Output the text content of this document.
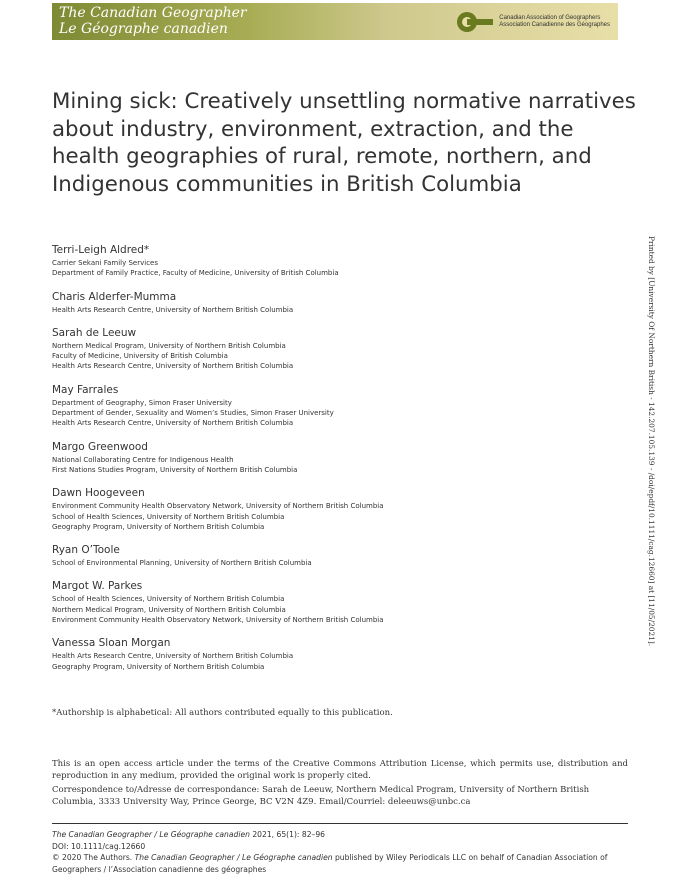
The Canadian Geographer
Le Géographe canadien
Canadian Association of Geographers
Association Canadienne des Géographes
Mining sick: Creatively unsettling normative narratives about industry, environment, extraction, and the health geographies of rural, remote, northern, and Indigenous communities in British Columbia
Terri-Leigh Aldred*
Carrier Sekani Family Services
Department of Family Practice, Faculty of Medicine, University of British Columbia
Charis Alderfer-Mumma
Health Arts Research Centre, University of Northern British Columbia
Sarah de Leeuw
Northern Medical Program, University of Northern British Columbia
Faculty of Medicine, University of British Columbia
Health Arts Research Centre, University of Northern British Columbia
May Farrales
Department of Geography, Simon Fraser University
Department of Gender, Sexuality and Women’s Studies, Simon Fraser University
Health Arts Research Centre, University of Northern British Columbia
Margo Greenwood
National Collaborating Centre for Indigenous Health
First Nations Studies Program, University of Northern British Columbia
Dawn Hoogeveen
Environment Community Health Observatory Network, University of Northern British Columbia
School of Health Sciences, University of Northern British Columbia
Geography Program, University of Northern British Columbia
Ryan O’Toole
School of Environmental Planning, University of Northern British Columbia
Margot W. Parkes
School of Health Sciences, University of Northern British Columbia
Northern Medical Program, University of Northern British Columbia
Environment Community Health Observatory Network, University of Northern British Columbia
Vanessa Sloan Morgan
Health Arts Research Centre, University of Northern British Columbia
Geography Program, University of Northern British Columbia
*Authorship is alphabetical: All authors contributed equally to this publication.
This is an open access article under the terms of the Creative Commons Attribution License, which permits use, distribution and reproduction in any medium, provided the original work is properly cited.
Correspondence to/Adresse de correspondance: Sarah de Leeuw, Northern Medical Program, University of Northern British Columbia, 3333 University Way, Prince George, BC V2N 4Z9. Email/Courriel: deleeuws@unbc.ca
The Canadian Geographer / Le Géographe canadien 2021, 65(1): 82–96
DOI: 10.1111/cag.12660
© 2020 The Authors. The Canadian Geographer / Le Géographe canadien published by Wiley Periodicals LLC on behalf of Canadian Association of Geographers / l’Association canadienne des géographes
Printed by [University Of Northern British - 142.207.105.139 - /doi/epdf/10.1111/cag.12660] at [11/05/2021].
